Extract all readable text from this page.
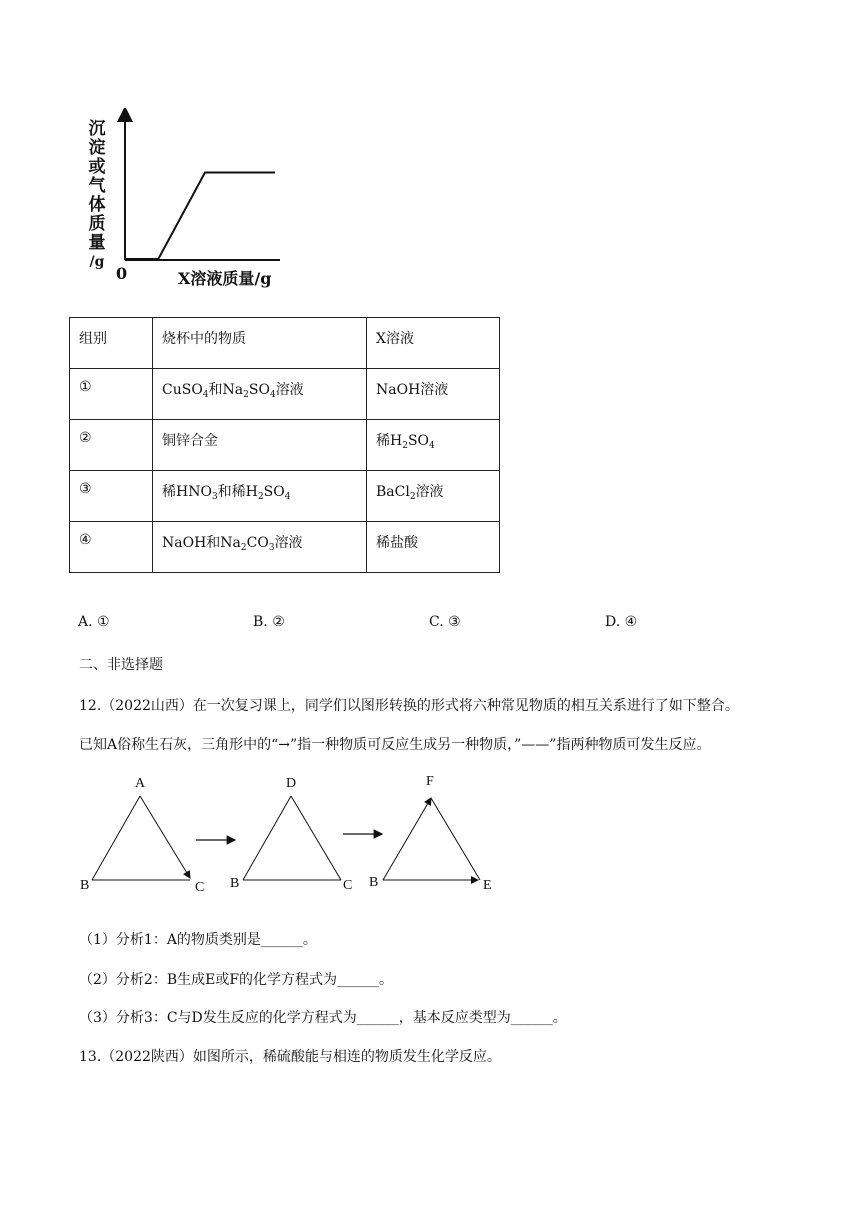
沉
淀
或
气
体
质
量
/g
0	X溶液质量/g
组别	烧杯中的物质	X溶液
①	CuSO$_4$和$Na_2SO_4$溶液	NaOH溶液
②	铜锌合金	稀$H_2SO_4$
③	稀$HNO_3$和稀$H_2SO_4$	BaCl$_2$溶液
④	NaOH和$Na_2CO_3$溶液	稀盐酸
A. ①	B. ②	C. ③	D. ④
二、非选择题
12.（2022山西）在一次复习课上，同学们以图形转换的形式将六种常见物质的相互关系进行了如下整合。
已知A俗称生石灰，三角形中的“→”指一种物质可反应生成另一种物质，”——”指两种物质可发生反应。
A
B	C
D
B	C
F
B	E
（1）分析1：A的物质类别是______。
（2）分析2：B生成E或F的化学方程式为______。
（3）分析3：C与D发生反应的化学方程式为______，基本反应类型为______。
13.（2022陕西）如图所示，稀硫酸能与相连的物质发生化学反应。
